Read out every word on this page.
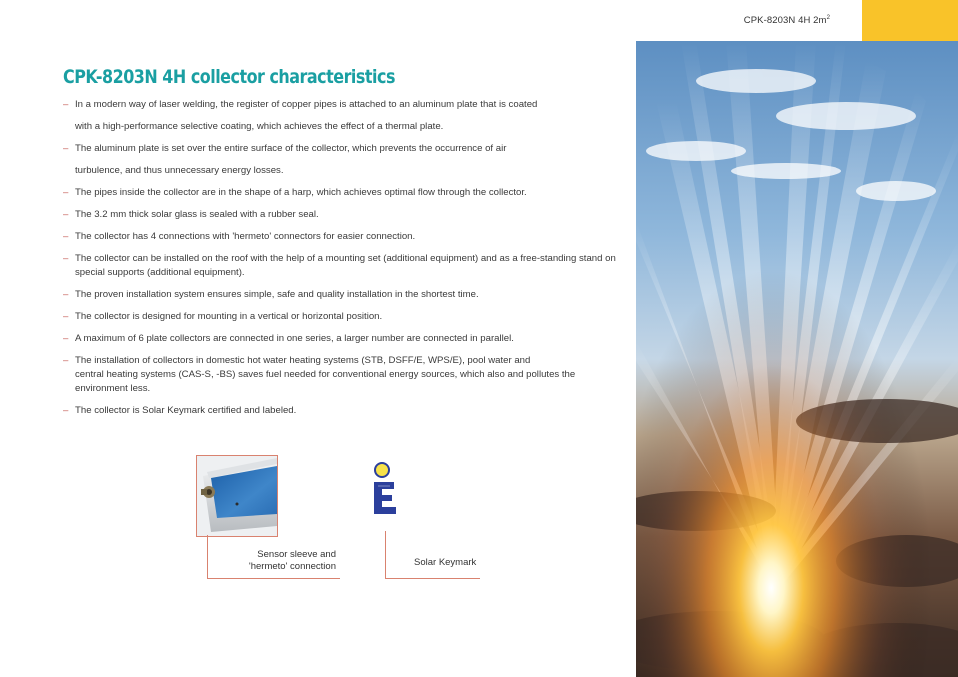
CPK-8203N 4H $2m^2$
CPK-8203N 4H collector characteristics
– In a modern way of laser welding, the register of copper pipes is attached to an aluminum plate that is coated
with a high-performance selective coating, which achieves the effect of a thermal plate.
– The aluminum plate is set over the entire surface of the collector, which prevents the occurrence of air
turbulence, and thus unnecessary energy losses.
– The pipes inside the collector are in the shape of a harp, which achieves optimal flow through the collector.
– The 3.2 mm thick solar glass is sealed with a rubber seal.
– The collector has 4 connections with 'hermeto' connectors for easier connection.
– The collector can be installed on the roof with the help of a mounting set (additional equipment) and as a free-standing stand on
special supports (additional equipment).
– The proven installation system ensures simple, safe and quality installation in the shortest time.
– The collector is designed for mounting in a vertical or horizontal position.
– A maximum of 6 plate collectors are connected in one series, a larger number are connected in parallel.
– The installation of collectors in domestic hot water heating systems (STB, DSFF/E, WPS/E), pool water and
central heating systems (CAS-S, -BS) saves fuel needed for conventional energy sources, which also and pollutes the
environment less.
– The collector is Solar Keymark certified and labeled.
Sensor sleeve and
'hermeto' connection	Solar Keymark
